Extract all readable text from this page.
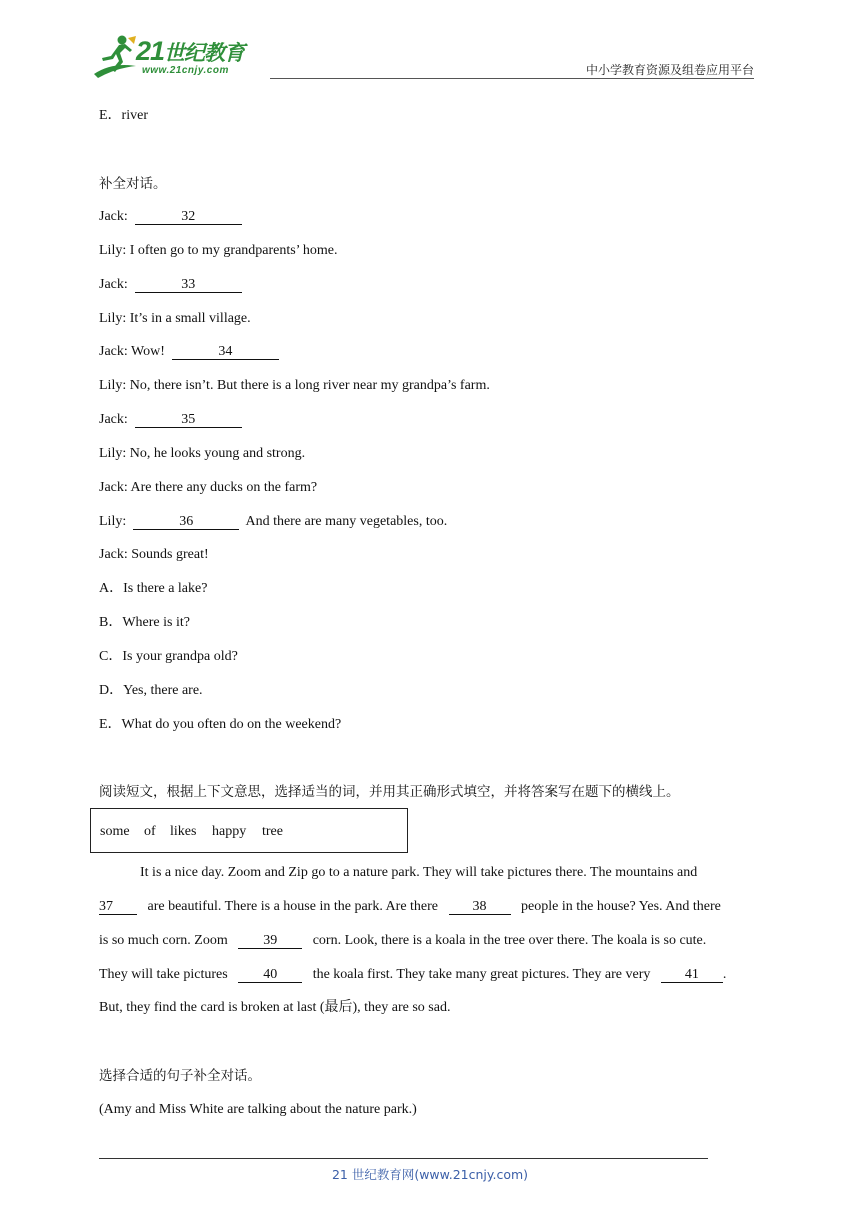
21世纪教育
www.21cnjy.com	中小学教育资源及组卷应用平台
E．river
补全对话。
Jack:	32
Lily: I often go to my grandparents’ home.
Jack:	33
Lily: It’s in a small village.
Jack: Wow!	34
Lily: No, there isn’t. But there is a long river near my grandpa’s farm.
Jack:	35
Lily: No, he looks young and strong.
Jack: Are there any ducks on the farm?
Lily:	36	And there are many vegetables, too.
Jack: Sounds great!
A．Is there a lake?
B．Where is it?
C．Is your grandpa old?
D．Yes, there are.
E．What do you often do on the weekend?
阅读短文，根据上下文意思，选择适当的词，并用其正确形式填空，并将答案写在题下的横线上。
some of likes happy tree
It is a nice day. Zoom and Zip go to a nature park. They will take pictures there. The mountains and
37 are beautiful. There is a house in the park. Are there 38 people in the house? Yes. And there
is so much corn. Zoom	39	corn. Look, there is a koala in the tree over there. The koala is so cute.
They will take pictures	40	the koala first. They take many great pictures. They are very 41 .
But, they find the card is broken at last (最后), they are so sad.
选择合适的句子补全对话。
(Amy and Miss White are talking about the nature park.)
21 世纪教育网(www.21cnjy.com)
